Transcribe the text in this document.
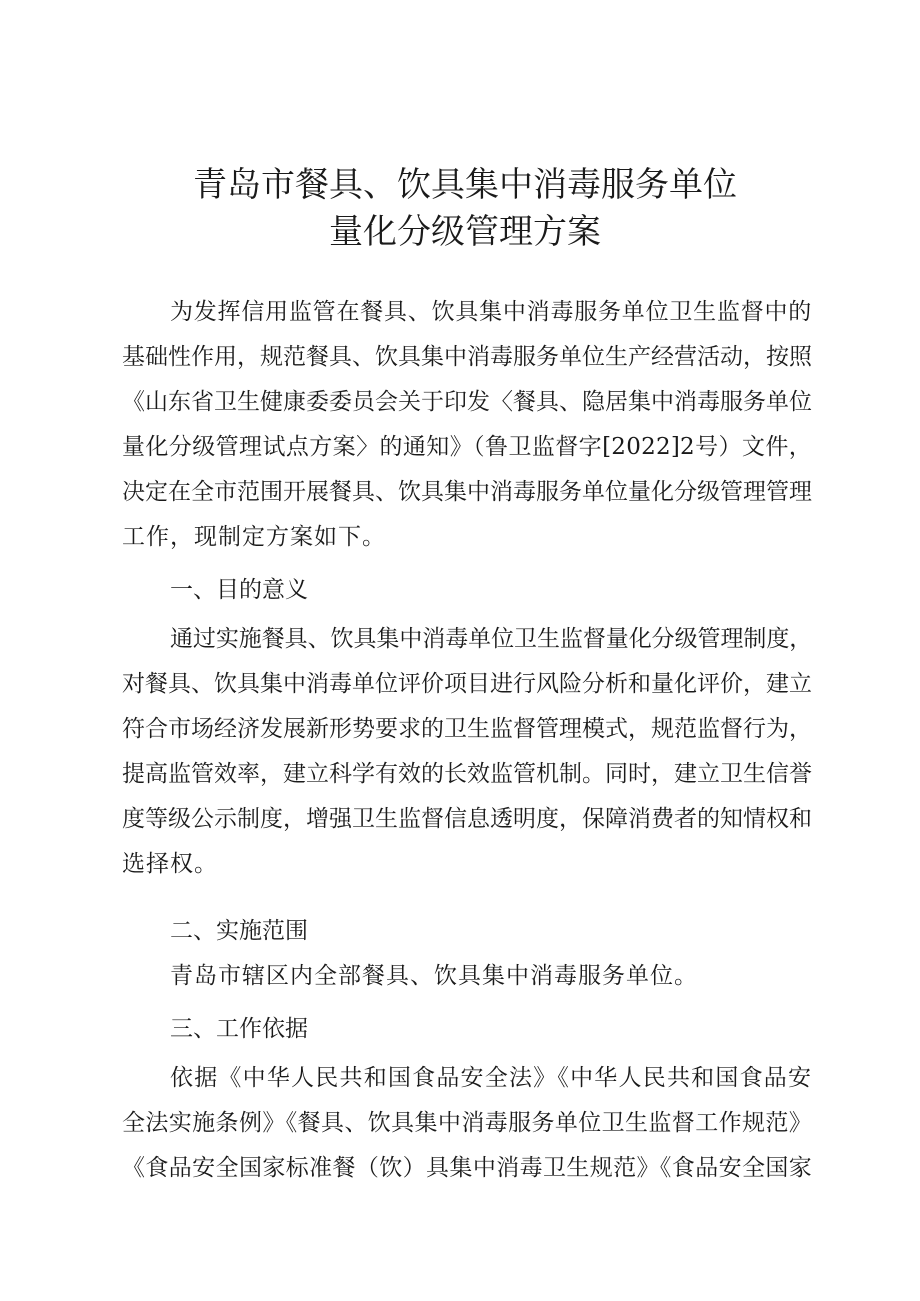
青岛市餐具、饮具集中消毒服务单位
量化分级管理方案
为发挥信用监管在餐具、饮具集中消毒服务单位卫生监督中的
基础性作用，规范餐具、饮具集中消毒服务单位生产经营活动，按照
《山东省卫生健康委委员会关于印发〈餐具、隐居集中消毒服务单位
量化分级管理试点方案〉的通知》（鲁卫监督字[2022]2号）文件，
决定在全市范围开展餐具、饮具集中消毒服务单位量化分级管理管理
工作，现制定方案如下。
一、目的意义
通过实施餐具、饮具集中消毒单位卫生监督量化分级管理制度，
对餐具、饮具集中消毒单位评价项目进行风险分析和量化评价，建立
符合市场经济发展新形势要求的卫生监督管理模式，规范监督行为，
提高监管效率，建立科学有效的长效监管机制。同时，建立卫生信誉
度等级公示制度，增强卫生监督信息透明度，保障消费者的知情权和
选择权。
二、实施范围
青岛市辖区内全部餐具、饮具集中消毒服务单位。
三、工作依据
依据《中华人民共和国食品安全法》《中华人民共和国食品安
全法实施条例》《餐具、饮具集中消毒服务单位卫生监督工作规范》
《食品安全国家标准餐（饮）具集中消毒卫生规范》《食品安全国家
